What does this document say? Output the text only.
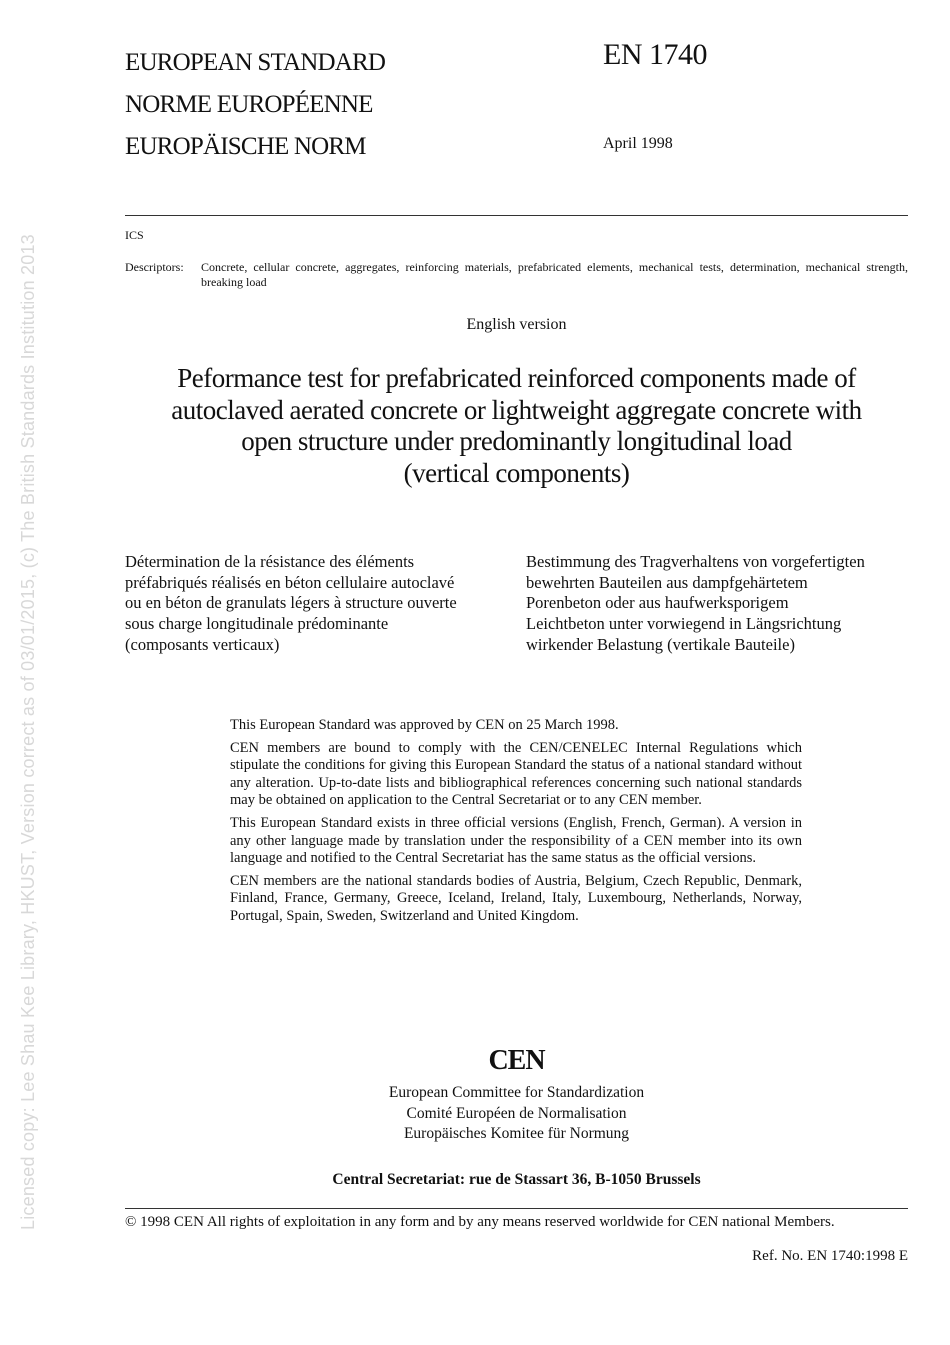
Licensed copy: Lee Shau Kee Library, HKUST, Version correct as of 03/01/2015, (c) The British Standards Institution 2013
EUROPEAN STANDARD
NORME EUROPÉENNE
EUROPÄISCHE NORM
EN 1740
April 1998
ICS
Descriptors: Concrete, cellular concrete, aggregates, reinforcing materials, prefabricated elements, mechanical tests, determination, mechanical strength, breaking load
English version
Peformance test for prefabricated reinforced components made of
autoclaved aerated concrete or lightweight aggregate concrete with
open structure under predominantly longitudinal load
(vertical components)
Détermination de la résistance des éléments
préfabriqués réalisés en béton cellulaire autoclavé
ou en béton de granulats légers à structure ouverte
sous charge longitudinale prédominante
(composants verticaux)
Bestimmung des Tragverhaltens von vorgefertigten
bewehrten Bauteilen aus dampfgehärtetem
Porenbeton oder aus haufwerksporigem
Leichtbeton unter vorwiegend in Längsrichtung
wirkender Belastung (vertikale Bauteile)

This European Standard was approved by CEN on 25 March 1998.

CEN members are bound to comply with the CEN/CENELEC Internal Regulations which stipulate the conditions for giving this European Standard the status of a national standard without any alteration. Up-to-date lists and bibliographical references concerning such national standards may be obtained on application to the Central Secretariat or to any CEN member.

This European Standard exists in three official versions (English, French, German). A version in any other language made by translation under the responsibility of a CEN member into its own language and notified to the Central Secretariat has the same status as the official versions.

CEN members are the national standards bodies of Austria, Belgium, Czech Republic, Denmark, Finland, France, Germany, Greece, Iceland, Ireland, Italy, Luxembourg, Netherlands, Norway, Portugal, Spain, Sweden, Switzerland and United Kingdom.

CEN
European Committee for Standardization
Comité Européen de Normalisation
Europäisches Komitee für Normung
Central Secretariat: rue de Stassart 36, B-1050 Brussels
© 1998 CEN All rights of exploitation in any form and by any means reserved worldwide for CEN national Members.
Ref. No. EN 1740:1998 E
